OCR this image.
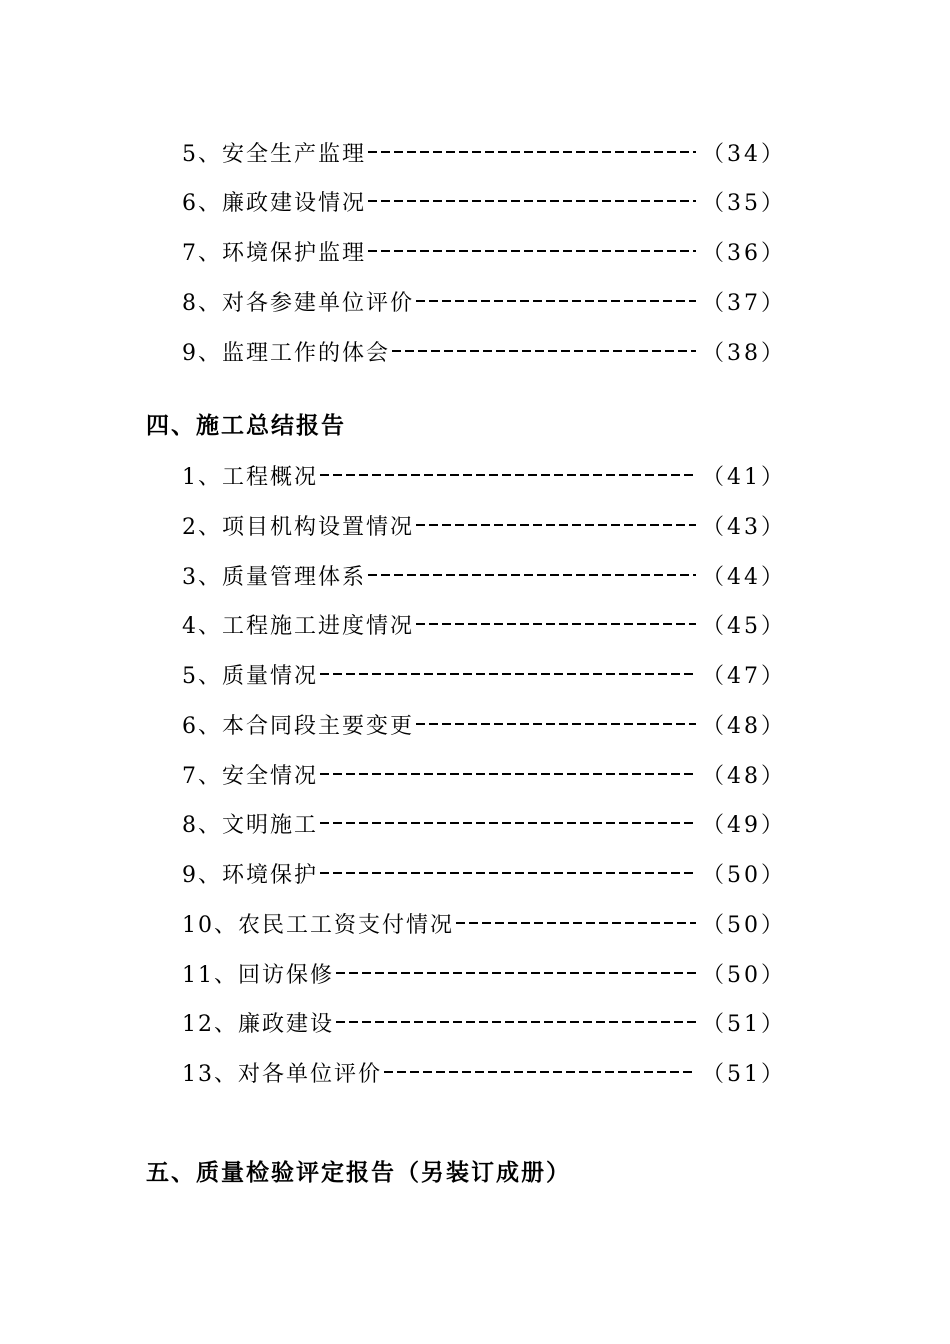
5、安全生产监理	（34）
6、廉政建设情况	（35）
7、环境保护监理	（36）
8、对各参建单位评价	（37）
9、监理工作的体会	（38）
四、施工总结报告
1、工程概况	（41）
2、项目机构设置情况	（43）
3、质量管理体系	（44）
4、工程施工进度情况	（45）
5、质量情况	（47）
6、本合同段主要变更	（48）
7、安全情况	（48）
8、文明施工	（49）
9、环境保护	（50）
10、农民工工资支付情况	（50）
11、回访保修	（50）
12、廉政建设	（51）
13、对各单位评价	（51）
五、质量检验评定报告（另装订成册）
